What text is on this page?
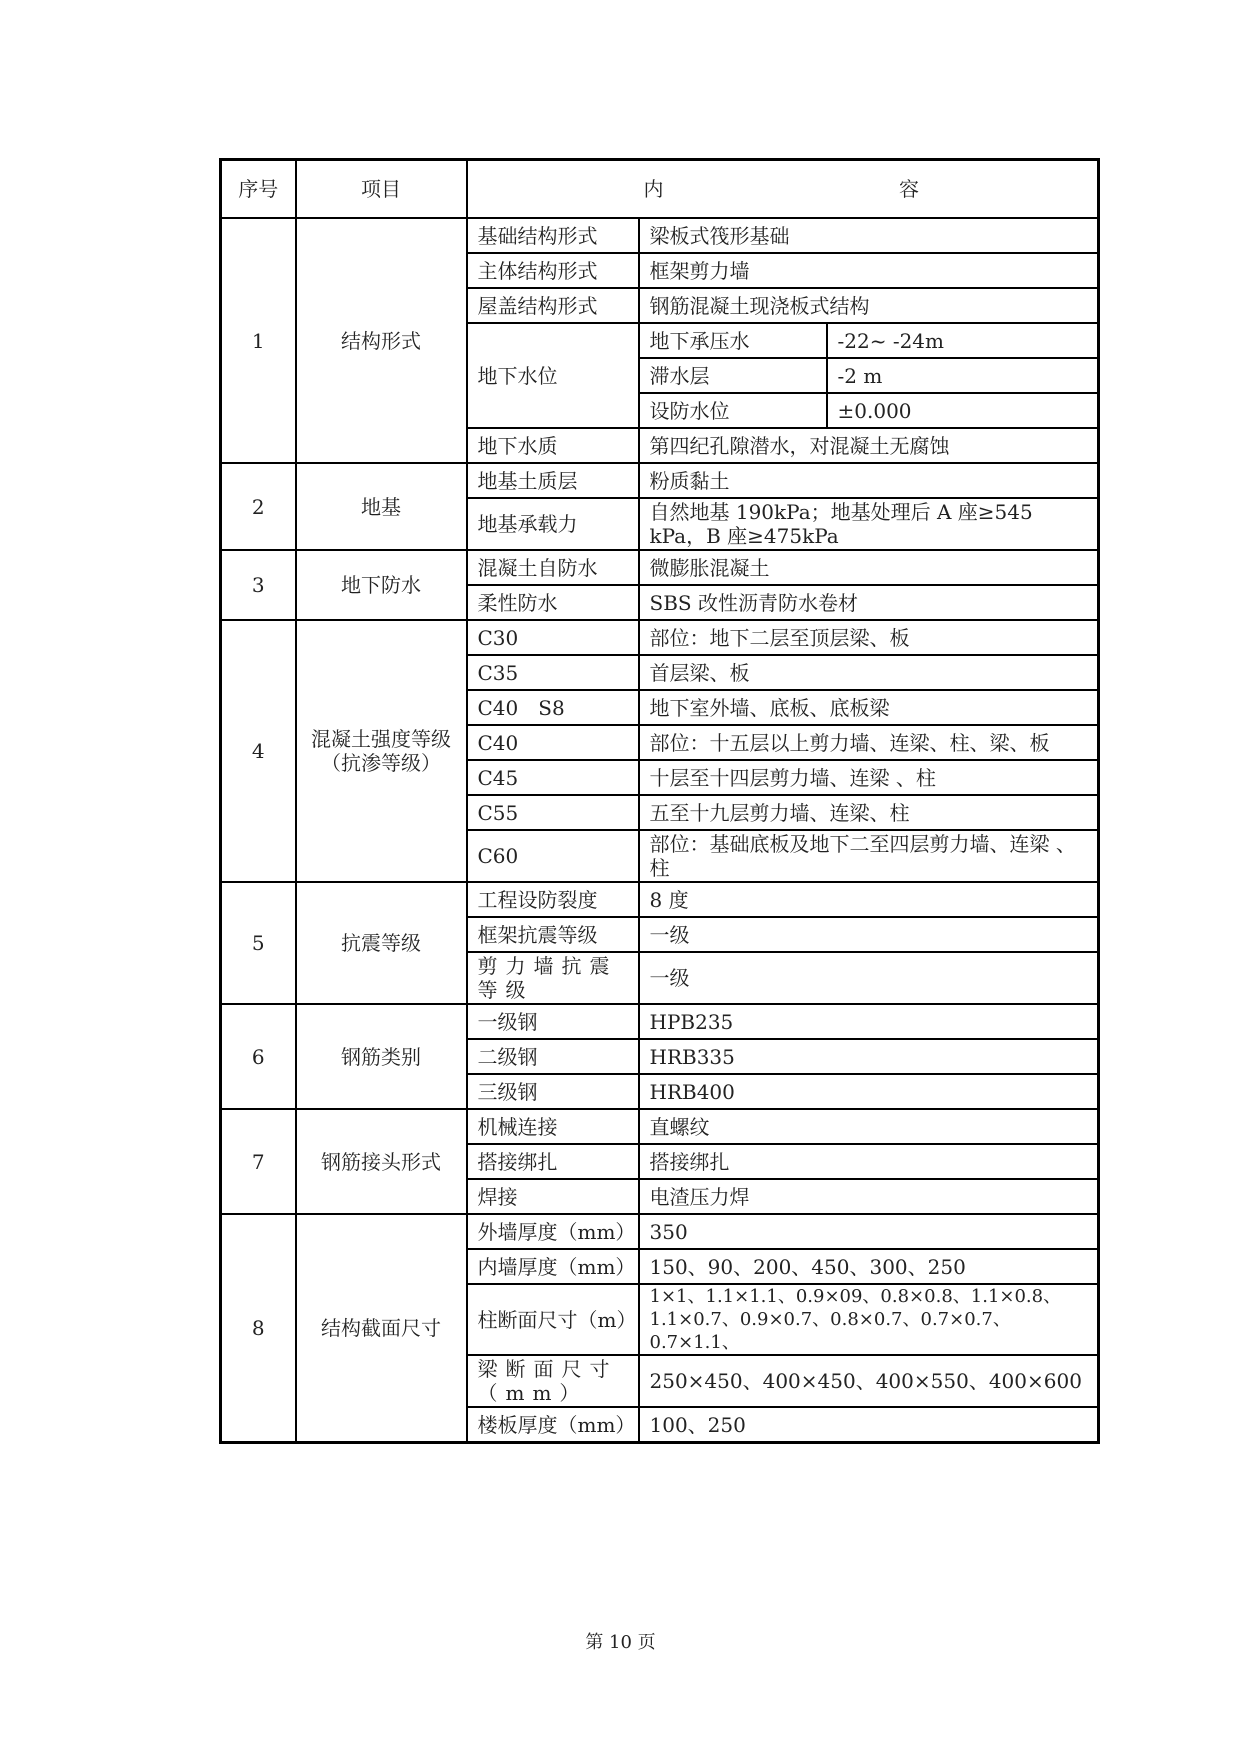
序号	项目	内 容		

1	结构形式	基础结构形式	梁板式筏形基础	
		主体结构形式	框架剪力墙	
		屋盖结构形式	钢筋混凝土现浇板式结构	
		地下水位	地下承压水	-22~ -24m
			滞水层	-2 m
			设防水位	±0.000
		地下水质	第四纪孔隙潜水，对混凝土无腐蚀	
2	地基	地基土质层	粉质黏土	
		地基承载力	自然地基 190kPa；地基处理后 A 座≥545 kPa，B 座≥475kPa	
3	地下防水	混凝土自防水	微膨胀混凝土	
		柔性防水	SBS 改性沥青防水卷材	
4	混凝土强度等级（抗渗等级）	C30	部位：地下二层至顶层梁、板	
		C35	首层梁、板	
		C40　S8	地下室外墙、底板、底板梁	
		C40	部位：十五层以上剪力墙、连梁、柱、梁、板	
		C45	十层至十四层剪力墙、连梁 、柱	
		C55	五至十九层剪力墙、连梁、柱	
		C60	部位：基础底板及地下二至四层剪力墙、连梁 、柱	
5	抗震等级	工程设防裂度	8 度	
		框架抗震等级	一级	
		剪力墙抗震等级	一级	
6	钢筋类别	一级钢	HPB235	
		二级钢	HRB335	
		三级钢	HRB400	
7	钢筋接头形式	机械连接	直螺纹	
		搭接绑扎	搭接绑扎	
		焊接	电渣压力焊	
8	结构截面尺寸	外墙厚度（mm）	350	
		内墙厚度（mm）	150、90、200、450、300、250	
		柱断面尺寸（m）	1×1、1.1×1.1、0.9×09、0.8×0.8、1.1×0.8、1.1×0.7、0.9×0.7、0.8×0.7、0.7×0.7、0.7×1.1、	
		梁断面尺寸（mm）	250×450、400×450、400×550、400×600	
		楼板厚度（mm）	100、250	
第 10 页
